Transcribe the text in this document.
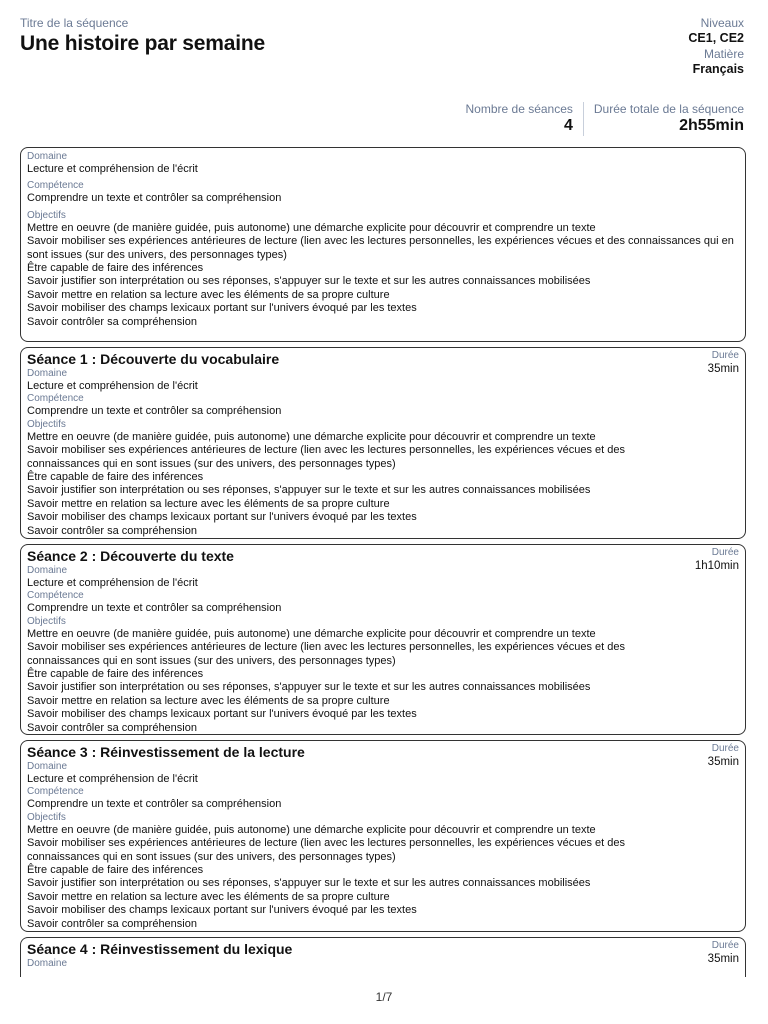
Titre de la séquence
Une histoire par semaine
Niveaux
CE1, CE2
Matière
Français
Nombre de séances
4
Durée totale de la séquence
2h55min
Domaine
Lecture et compréhension de l'écrit
Compétence
Comprendre un texte et contrôler sa compréhension
Objectifs
Mettre en oeuvre (de manière guidée, puis autonome) une démarche explicite pour découvrir et comprendre un texte
Savoir mobiliser ses expériences antérieures de lecture (lien avec les lectures personnelles, les expériences vécues et des connaissances qui en sont issues (sur des univers, des personnages types)
Être capable de faire des inférences
Savoir justifier son interprétation ou ses réponses, s'appuyer sur le texte et sur les autres connaissances mobilisées
Savoir mettre en relation sa lecture avec les éléments de sa propre culture
Savoir mobiliser des champs lexicaux portant sur l'univers évoqué par les textes
Savoir contrôler sa compréhension
Séance 1 : Découverte du vocabulaire	Durée
35min
Domaine
Lecture et compréhension de l'écrit
Compétence
Comprendre un texte et contrôler sa compréhension
Objectifs
Mettre en oeuvre (de manière guidée, puis autonome) une démarche explicite pour découvrir et comprendre un texte
Savoir mobiliser ses expériences antérieures de lecture (lien avec les lectures personnelles, les expériences vécues et des connaissances qui en sont issues (sur des univers, des personnages types)
Être capable de faire des inférences
Savoir justifier son interprétation ou ses réponses, s'appuyer sur le texte et sur les autres connaissances mobilisées
Savoir mettre en relation sa lecture avec les éléments de sa propre culture
Savoir mobiliser des champs lexicaux portant sur l'univers évoqué par les textes
Savoir contrôler sa compréhension
Séance 2 : Découverte du texte	Durée
1h10min
Domaine
Lecture et compréhension de l'écrit
Compétence
Comprendre un texte et contrôler sa compréhension
Objectifs
Mettre en oeuvre (de manière guidée, puis autonome) une démarche explicite pour découvrir et comprendre un texte
Savoir mobiliser ses expériences antérieures de lecture (lien avec les lectures personnelles, les expériences vécues et des connaissances qui en sont issues (sur des univers, des personnages types)
Être capable de faire des inférences
Savoir justifier son interprétation ou ses réponses, s'appuyer sur le texte et sur les autres connaissances mobilisées
Savoir mettre en relation sa lecture avec les éléments de sa propre culture
Savoir mobiliser des champs lexicaux portant sur l'univers évoqué par les textes
Savoir contrôler sa compréhension
Séance 3 : Réinvestissement de la lecture	Durée
35min
Domaine
Lecture et compréhension de l'écrit
Compétence
Comprendre un texte et contrôler sa compréhension
Objectifs
Mettre en oeuvre (de manière guidée, puis autonome) une démarche explicite pour découvrir et comprendre un texte
Savoir mobiliser ses expériences antérieures de lecture (lien avec les lectures personnelles, les expériences vécues et des connaissances qui en sont issues (sur des univers, des personnages types)
Être capable de faire des inférences
Savoir justifier son interprétation ou ses réponses, s'appuyer sur le texte et sur les autres connaissances mobilisées
Savoir mettre en relation sa lecture avec les éléments de sa propre culture
Savoir mobiliser des champs lexicaux portant sur l'univers évoqué par les textes
Savoir contrôler sa compréhension
Séance 4 : Réinvestissement du lexique	Durée
35min
Domaine
1/7
